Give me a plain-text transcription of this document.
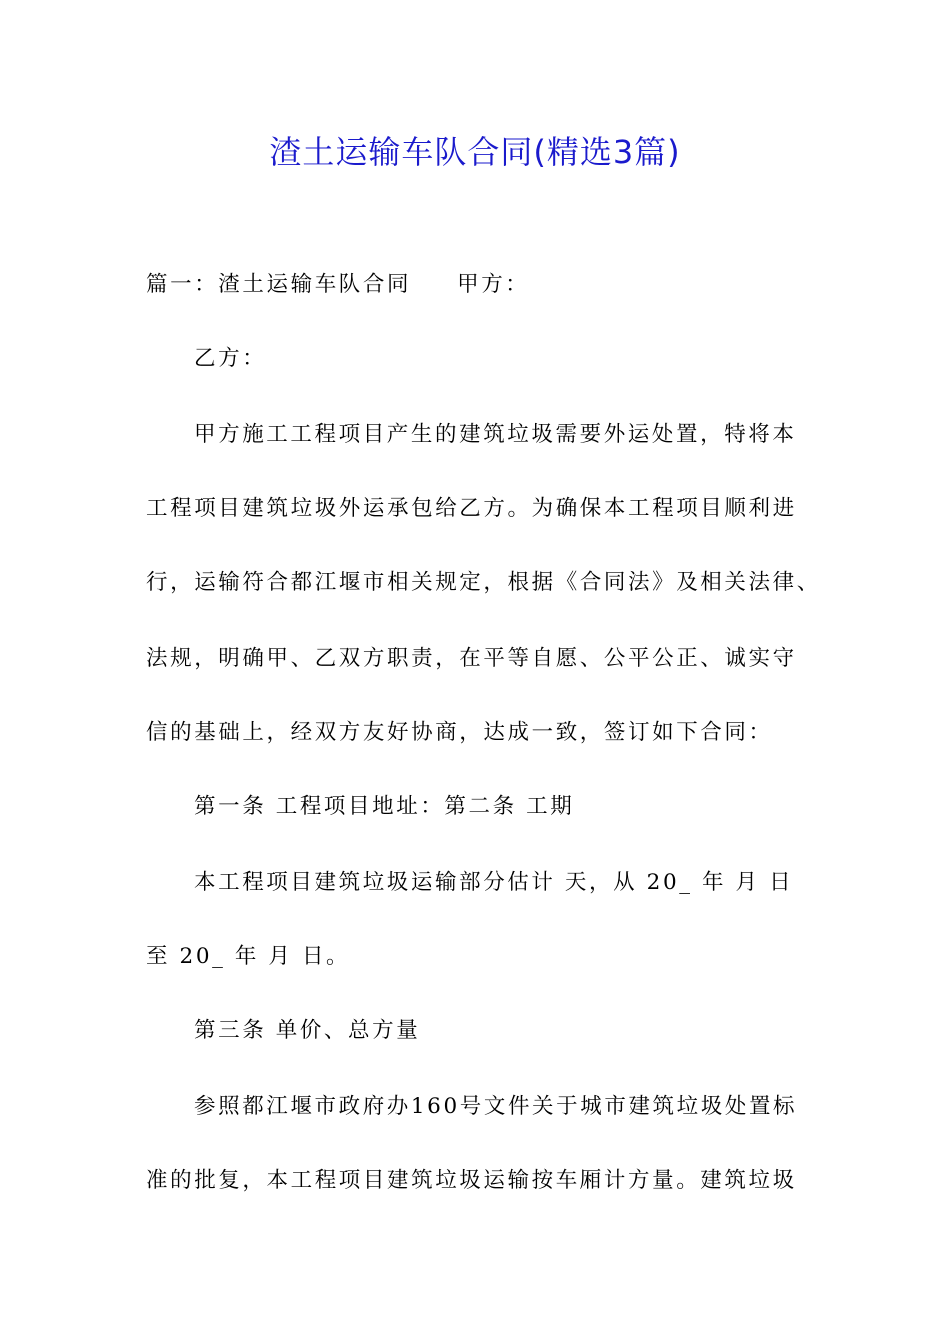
渣土运输车队合同(精选3篇)
篇一：渣土运输车队合同 甲方：
乙方：
甲方施工工程项目产生的建筑垃圾需要外运处置，特将本
工程项目建筑垃圾外运承包给乙方。为确保本工程项目顺利进
行，运输符合都江堰市相关规定，根据《合同法》及相关法律、
法规，明确甲、乙双方职责，在平等自愿、公平公正、诚实守
信的基础上，经双方友好协商，达成一致，签订如下合同：
第一条 工程项目地址：第二条 工期
本工程项目建筑垃圾运输部分估计 天，从 20_ 年 月 日
至 20_ 年 月 日。
第三条 单价、总方量
参照都江堰市政府办160号文件关于城市建筑垃圾处置标
准的批复，本工程项目建筑垃圾运输按车厢计方量。建筑垃圾
